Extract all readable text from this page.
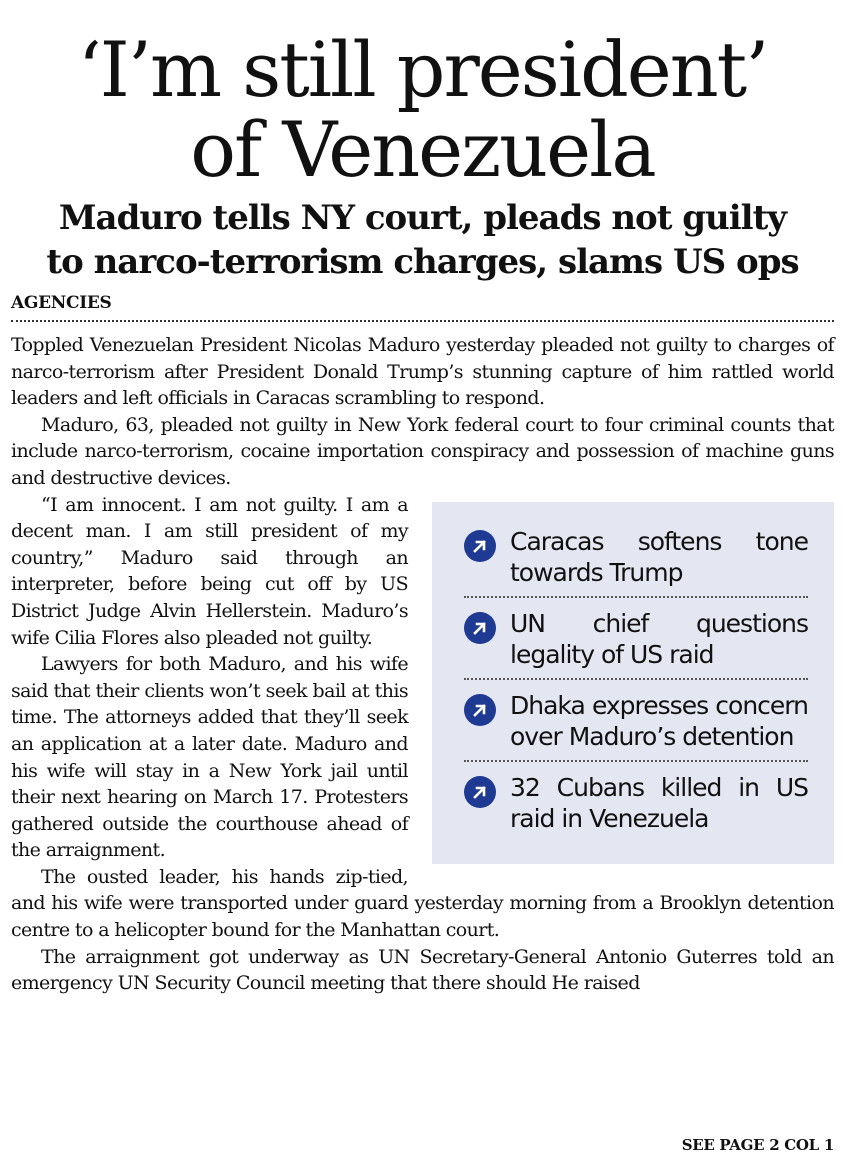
‘I’m still president’
of Venezuela
Maduro tells NY court, pleads not guilty
to narco-terrorism charges, slams US ops
AGENCIES

Toppled Venezuelan President Nicolas Maduro yesterday pleaded not guilty to charges of narco-terrorism after President Donald Trump’s stunning capture of him rattled world leaders and left officials in Caracas scrambling to respond.

Maduro, 63, pleaded not guilty in New York federal court to four criminal counts that include narco-terrorism, cocaine importation conspiracy and possession of machine guns and destructive devices.

Caracas softens tone towards Trump
UN chief questions legality of US raid
Dhaka expresses concern over Maduro’s detention
32 Cubans killed in US raid in Venezuela

“I am innocent. I am not guilty. I am a decent man. I am still president of my country,” Maduro said through an interpreter, before being cut off by US District Judge Alvin Hellerstein. Maduro’s wife Cilia Flores also pleaded not guilty.

Lawyers for both Maduro, and his wife said that their clients won’t seek bail at this time. The attorneys added that they’ll seek an application at a later date. Maduro and his wife will stay in a New York jail until their next hearing on March 17. Protesters gathered outside the courthouse ahead of the arraignment.

The ousted leader, his hands zip-tied, and his wife were transported under guard yesterday morning from a Brooklyn detention centre to a helicopter bound for the Manhattan court.

The arraignment got underway as UN Secretary-General Antonio Guterres told an emergency UN Security Council meeting that there should He raised

SEE PAGE 2 COL 1
